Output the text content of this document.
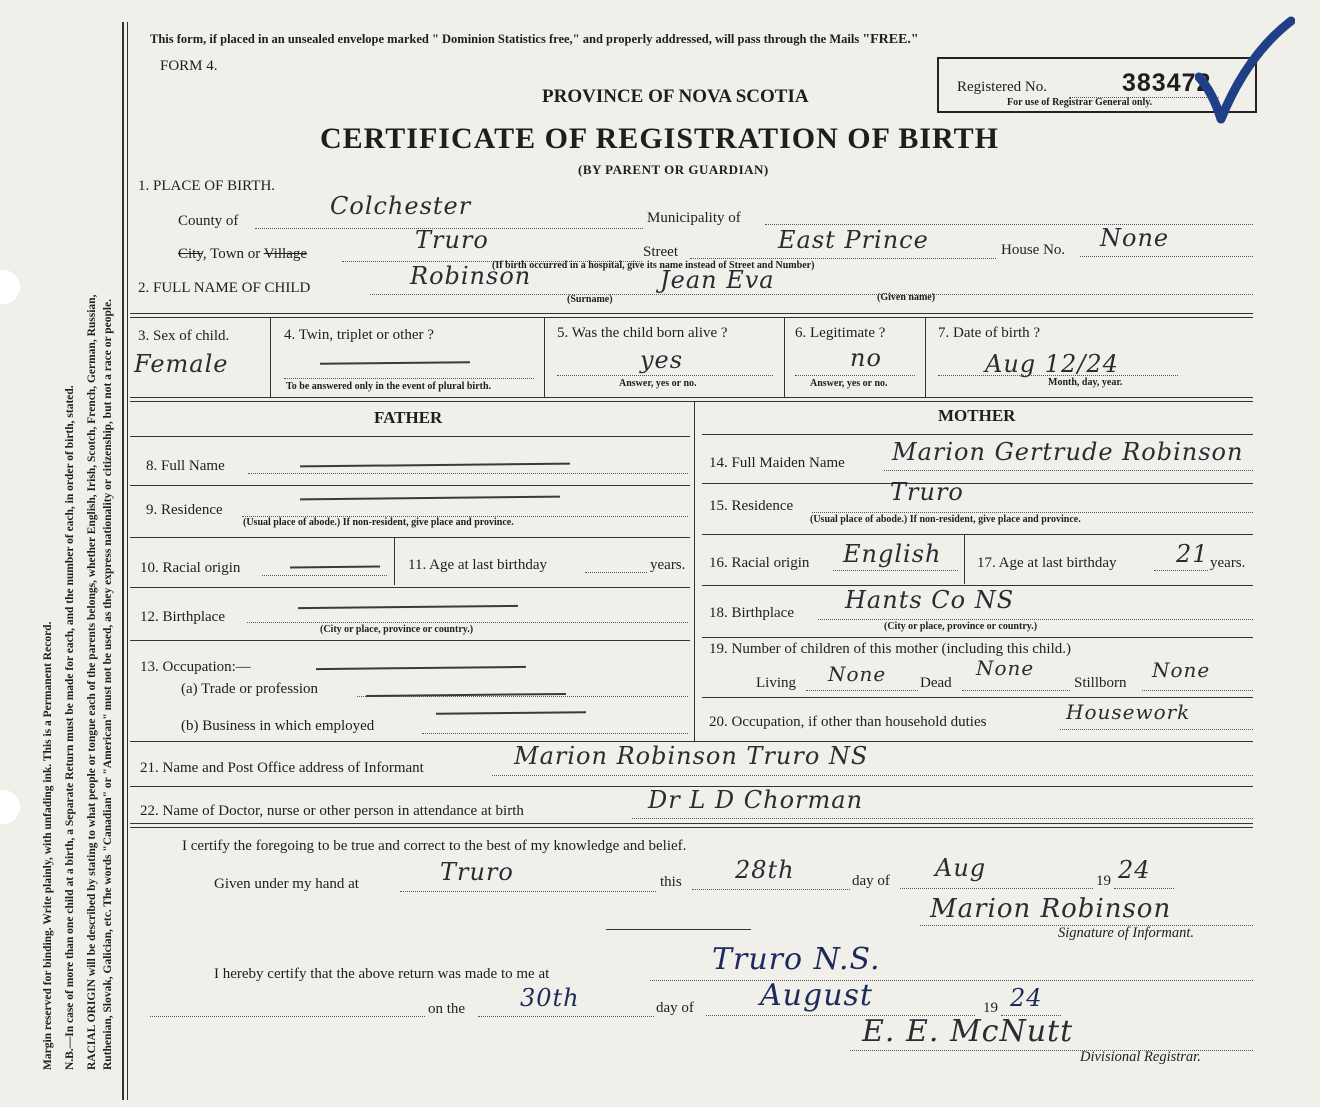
Margin reserved for binding. Write plainly, with unfading ink. This is a Permanent Record. N.B.—In case of more than one child at a birth, a Separate Return must be made for each, and the number of each, in order of birth, stated. RACIAL ORIGIN will be described by stating to what people or tongue each of the parents belongs, whether English, Irish, Scotch, French, German, Russian, Ruthenian, Slovak, Galician, etc. The words "Canadian" or "American" must not be used, as they express nationality or citizenship, but not a race or people.
This form, if placed in an unsealed envelope marked " Dominion Statistics free," and properly addressed, will pass through the Mails "FREE."
FORM 4.
PROVINCE OF NOVA SCOTIA
CERTIFICATE OF REGISTRATION OF BIRTH
(BY PARENT OR GUARDIAN)
Registered No.	383472
For use of Registrar General only.
1. PLACE OF BIRTH.
County of
Colchester	Municipality of
City, Town or Village	Truro	Street	East Prince	House No. None
(If birth occurred in a hospital, give its name instead of Street and Number)
2. FULL NAME OF CHILD	Robinson	Jean Eva
(Surname)	(Given name)
3. Sex of child.
Female
4. Twin, triplet or other ?
To be answered only in the event of plural birth.
5. Was the child born alive ?
yes
Answer, yes or no.
6. Legitimate ?
no
Answer, yes or no.
7. Date of birth ?
Aug 12/24
Month, day, year.
FATHER
8. Full Name
9. Residence
(Usual place of abode.) If non-resident, give place and province.
10. Racial origin	11. Age at last birthday	years.
12. Birthplace
(City or place, province or country.)
13. Occupation:—
(a) Trade or profession
(b) Business in which employed
MOTHER
14. Full Maiden Name Marion Gertrude Robinson
15. Residence	Truro
(Usual place of abode.) If non-resident, give place and province.
16. Racial origin English 17. Age at last birthday 21 years.
18. Birthplace Hants Co NS
(City or place, province or country.)
19. Number of children of this mother (including this child.)
Living None Dead
None
Stillborn
None
20. Occupation, if other than household duties	Housework
21. Name and Post Office address of Informant	Marion Robinson Truro NS
22. Name of Doctor, nurse or other person in attendance at birth	Dr L D Chorman
I certify the foregoing to be true and correct to the best of my knowledge and belief.
Given under my hand at	Truro	this 28th	day of Aug	19 24
Marion Robinson
Signature of Informant.
I hereby certify that the above return was made to me at	Truro N.S.
on the 30th	day of August	19 24
E. E. McNutt
Divisional Registrar.
